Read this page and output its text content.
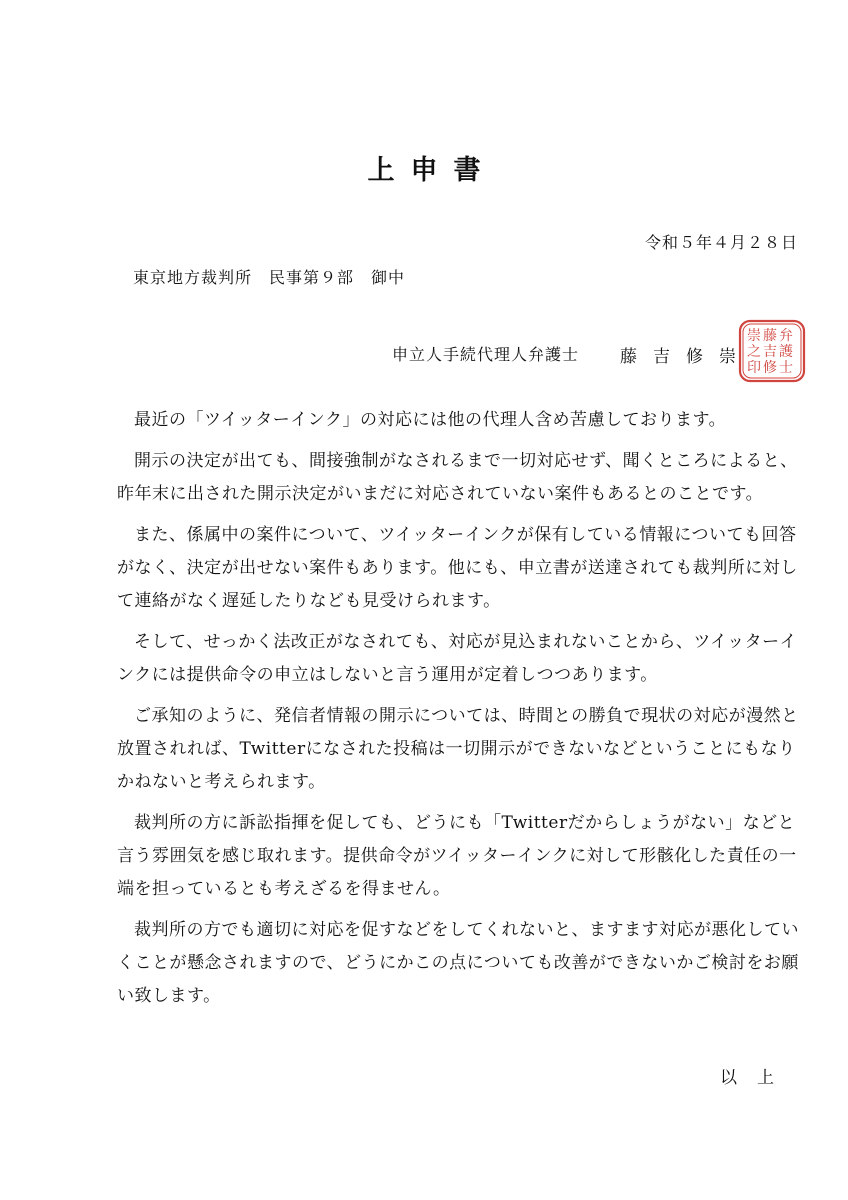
上申書
令和５年４月２８日
東京地方裁判所　民事第９部　御中
申立人手続代理人弁護士 藤吉修崇
弁
護
士
藤
吉
修
崇
之
印

最近の「ツイッターインク」の対応には他の代理人含め苦慮しております。

開示の決定が出ても、間接強制がなされるまで一切対応せず、聞くところによると、昨年末に出された開示決定がいまだに対応されていない案件もあるとのことです。

また、係属中の案件について、ツイッターインクが保有している情報についても回答がなく、決定が出せない案件もあります。他にも、申立書が送達されても裁判所に対して連絡がなく遅延したりなども見受けられます。

そして、せっかく法改正がなされても、対応が見込まれないことから、ツイッターインクには提供命令の申立はしないと言う運用が定着しつつあります。

ご承知のように、発信者情報の開示については、時間との勝負で現状の対応が漫然と放置されれば、Twitterになされた投稿は一切開示ができないなどということにもなりかねないと考えられます。

裁判所の方に訴訟指揮を促しても、どうにも「Twitterだからしょうがない」などと言う雰囲気を感じ取れます。提供命令がツイッターインクに対して形骸化した責任の一端を担っているとも考えざるを得ません。

裁判所の方でも適切に対応を促すなどをしてくれないと、ますます対応が悪化していくことが懸念されますので、どうにかこの点についても改善ができないかご検討をお願い致します。

以上
